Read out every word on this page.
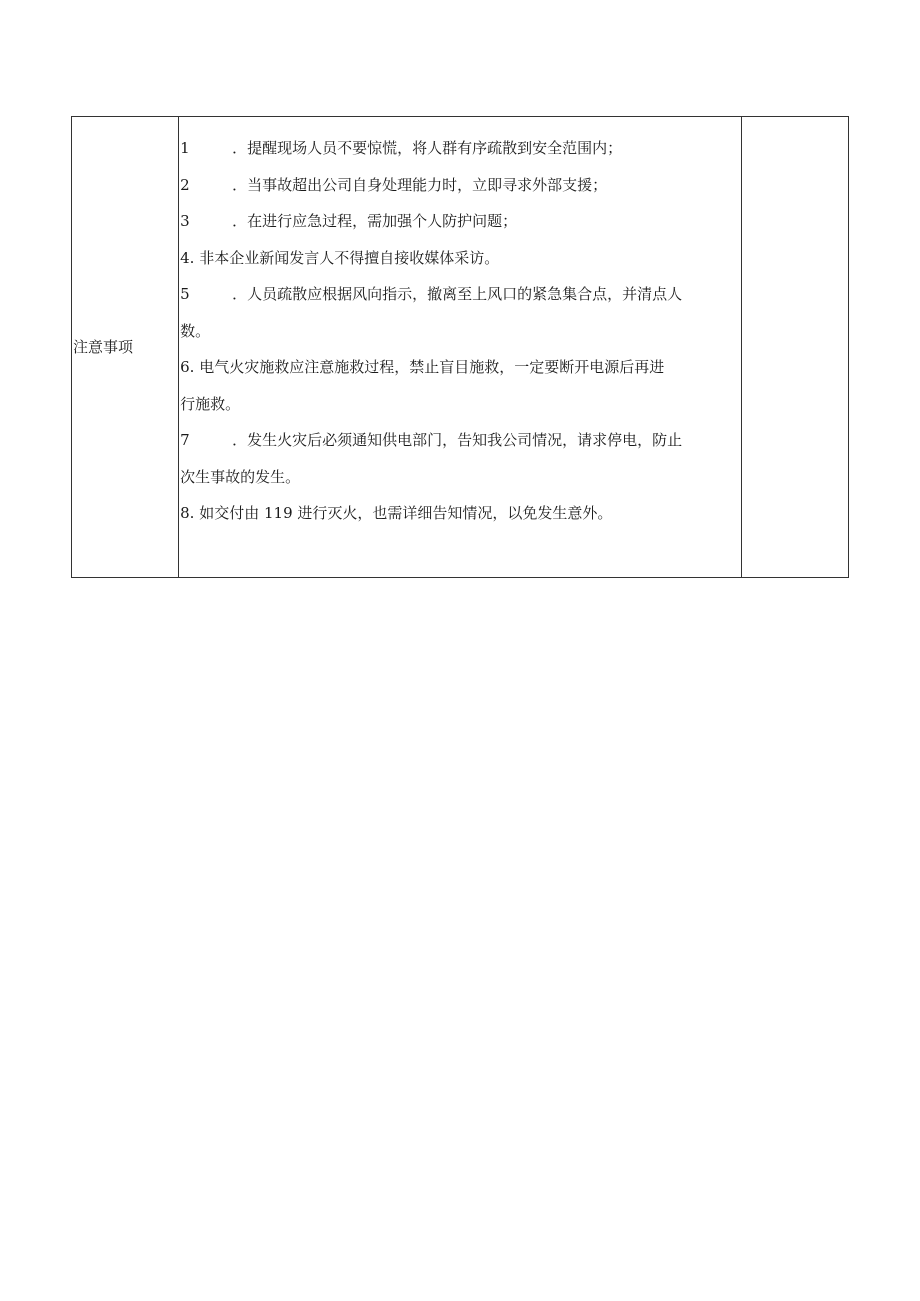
注意事项

1	．提醒现场人员不要惊慌，将人群有序疏散到安全范围内；
2	．当事故超出公司自身处理能力时，立即寻求外部支援；
3	．在进行应急过程，需加强个人防护问题；
4. 非本企业新闻发言人不得擅自接收媒体采访。
5	．人员疏散应根据风向指示，撤离至上风口的紧急集合点，并清点人
数。
6. 电气火灾施救应注意施救过程，禁止盲目施救，一定要断开电源后再进
行施救。
7	．发生火灾后必须通知供电部门，告知我公司情况，请求停电，防止
次生事故的发生。
8. 如交付由 119 进行灭火，也需详细告知情况，以免发生意外。
